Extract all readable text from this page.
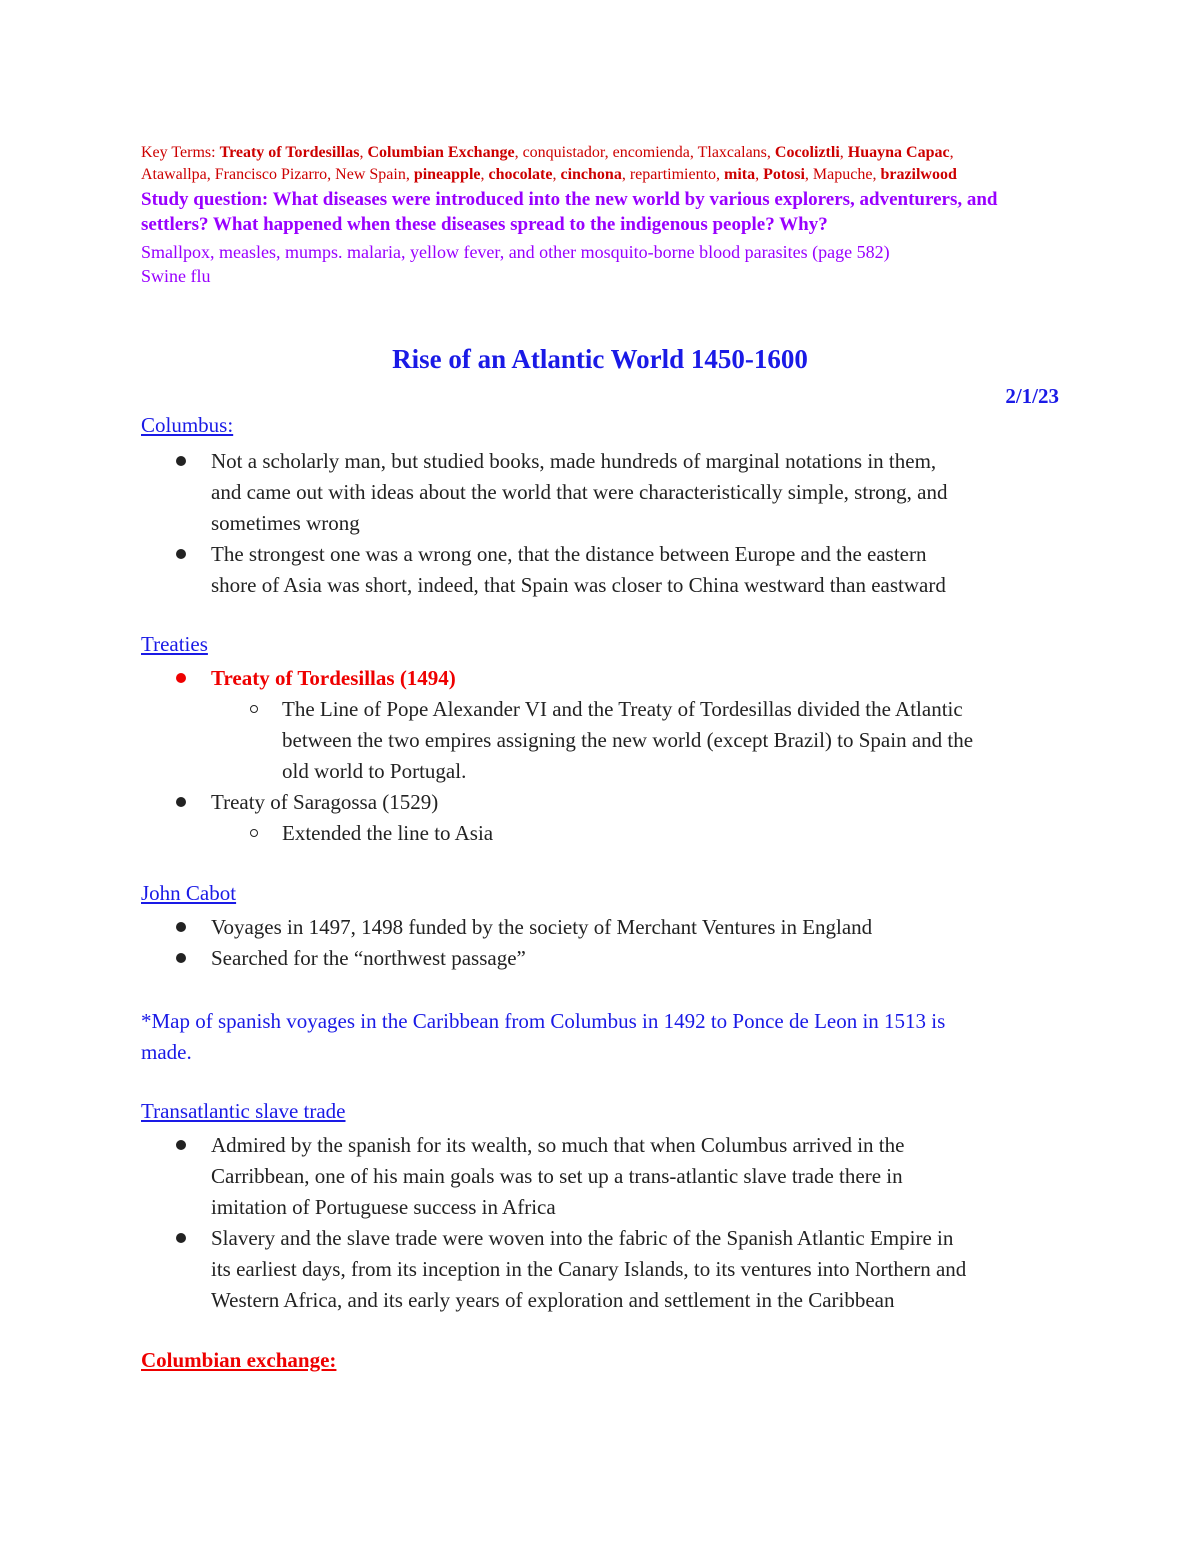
Key Terms: Treaty of Tordesillas, Columbian Exchange, conquistador, encomienda, Tlaxcalans, Cocoliztli, Huayna Capac,
Atawallpa, Francisco Pizarro, New Spain, pineapple, chocolate, cinchona, repartimiento, mita, Potosi, Mapuche, brazilwood
Study question: What diseases were introduced into the new world by various explorers, adventurers, and
settlers? What happened when these diseases spread to the indigenous people? Why?
Smallpox, measles, mumps. malaria, yellow fever, and other mosquito-borne blood parasites (page 582)
Swine flu
Rise of an Atlantic World 1450-1600
2/1/23
Columbus:
Not a scholarly man, but studied books, made hundreds of marginal notations in them,
and came out with ideas about the world that were characteristically simple, strong, and
sometimes wrong
The strongest one was a wrong one, that the distance between Europe and the eastern
shore of Asia was short, indeed, that Spain was closer to China westward than eastward
Treaties
Treaty of Tordesillas (1494)
The Line of Pope Alexander VI and the Treaty of Tordesillas divided the Atlantic
between the two empires assigning the new world (except Brazil) to Spain and the
old world to Portugal.
Treaty of Saragossa (1529)
Extended the line to Asia
John Cabot
Voyages in 1497, 1498 funded by the society of Merchant Ventures in England
Searched for the “northwest passage”
*Map of spanish voyages in the Caribbean from Columbus in 1492 to Ponce de Leon in 1513 is
made.
Transatlantic slave trade
Admired by the spanish for its wealth, so much that when Columbus arrived in the
Carribbean, one of his main goals was to set up a trans-atlantic slave trade there in
imitation of Portuguese success in Africa
Slavery and the slave trade were woven into the fabric of the Spanish Atlantic Empire in
its earliest days, from its inception in the Canary Islands, to its ventures into Northern and
Western Africa, and its early years of exploration and settlement in the Caribbean
Columbian exchange:
